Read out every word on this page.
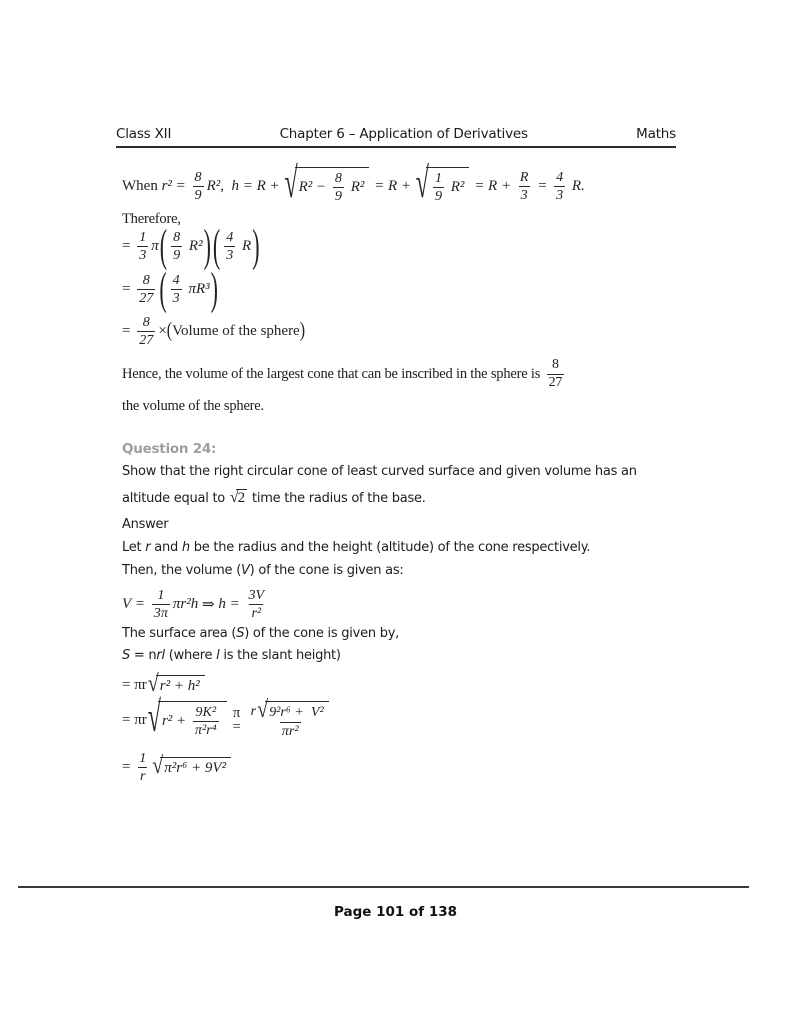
Class XII	Chapter 6 – Application of Derivatives	Maths
When $r^2 = \frac{8}{9} R^2$ , h = R + √ $R^2 - \frac{8}{9} R^2 = R$ + √ $\frac{1}{9} R^2 = R + \frac{R}{3} = \frac{4}{3} R$.
Therefore,
= $\frac{1}{3}$ π ( $\frac{8}{9} R^2$ ) ( $\frac{4}{3}$ R )
= $\frac{8}{27}$ ( $\frac{4}{3} \pi R^3$ )
= $\frac{8}{27}$ × ( Volume of the sphere )
Hence, the volume of the largest cone that can be inscribed in the sphere is $\frac{8}{27}$
the volume of the sphere.
Question 24:
Show that the right circular cone of least curved surface and given volume has an
altitude equal to √ 2 time the radius of the base.
Answer
Let r and h be the radius and the height (altitude) of the cone respectively.
Then, the volume (V) of the cone is given as:
$V = \frac{1}{3\pi} \pi r^2h$ ⇒ $h = \frac{3V}{\text{r²}}$
The surface area (S) of the cone is given by,
S = nrl (where l is the slant height)
= πr √ r² + h²
= πr √ $r^2 + \frac{\text{9K²}}{\text{π²r⁴}}$ π
= $\frac{\text{r √ 9²r⁶ +  V²}}{\text{πr²}}$
= $\frac{1}{r}$ √ π²r⁶ + 9V²
Page 101 of 138
